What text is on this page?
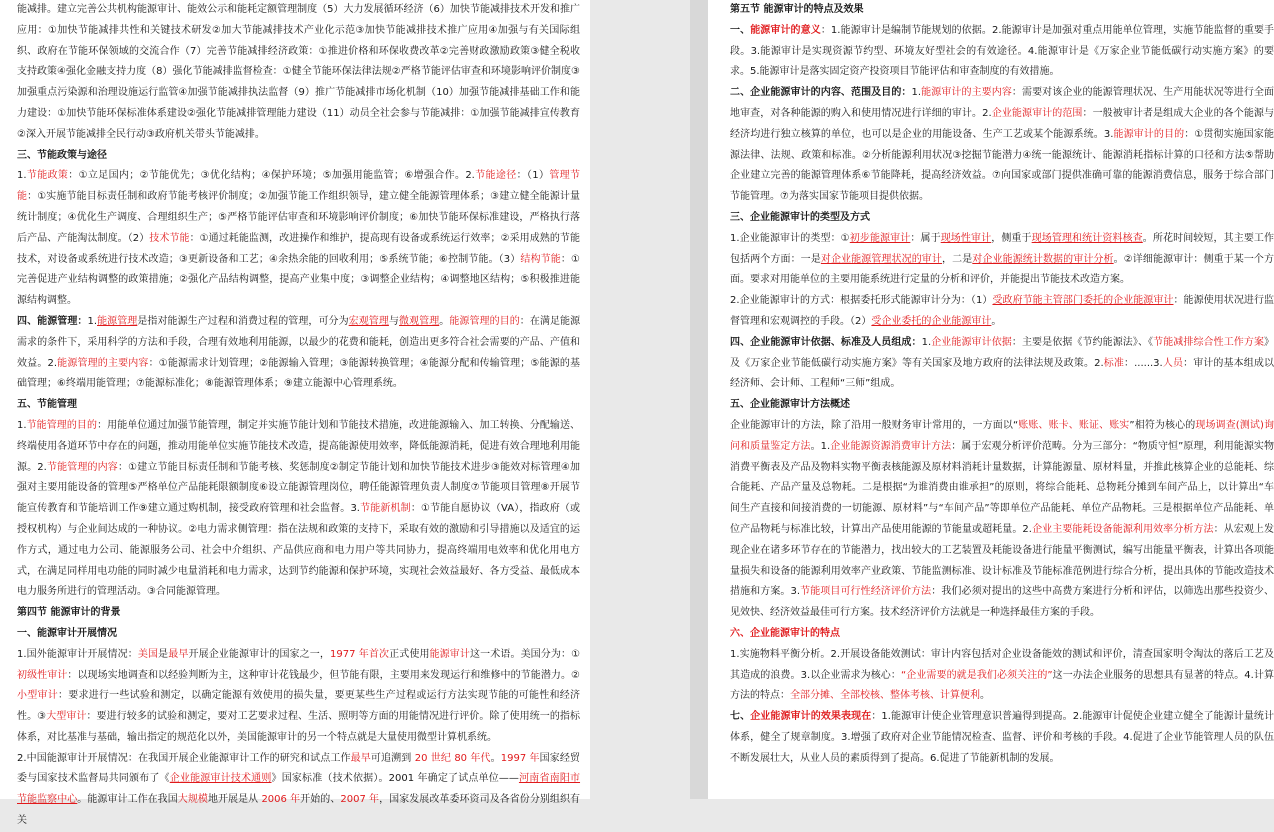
能减排。建立完善公共机构能源审计、能效公示和能耗定额管理制度（5）大力发展循环经济（6）加快节能减排技术开发和推广应用：①加快节能减排共性和关键技术研发②加大节能减排技术产业化示范③加快节能减排技术推广应用④加强与有关国际组织、政府在节能环保领域的交流合作（7）完善节能减排经济政策：①推进价格和环保收费改革②完善财政激励政策③健全税收支持政策④强化金融支持力度（8）强化节能减排监督检查：①健全节能环保法律法规②严格节能评估审查和环境影响评价制度③加强重点污染源和治理设施运行监管④加强节能减排执法监督（9）推广节能减排市场化机制（10）加强节能减排基础工作和能力建设：①加快节能环保标准体系建设②强化节能减排管理能力建设（11）动员全社会参与节能减排：①加强节能减排宣传教育②深入开展节能减排全民行动③政府机关带头节能减排。

三、节能政策与途径

1.节能政策：①立足国内；②节能优先；③优化结构；④保护环境；⑤加强用能监管；⑥增强合作。2.节能途径：（1）管理节能：①实施节能目标责任制和政府节能考核评价制度；②加强节能工作组织领导，建立健全能源管理体系；③建立健全能源计量统计制度；④优化生产调度、合理组织生产；⑤严格节能评估审查和环境影响评价制度；⑥加快节能环保标准建设，严格执行落后产品、产能淘汰制度。（2）技术节能：①通过耗能监测，改进操作和维护，提高现有设备或系统运行效率；②采用成熟的节能技术，对设备或系统进行技术改造；③更新设备和工艺；④余热余能的回收利用；⑤系统节能；⑥控制节能。（3）结构节能：①完善促进产业结构调整的政策措施；②强化产品结构调整，提高产业集中度；③调整企业结构；④调整地区结构；⑤积极推进能源结构调整。

四、能源管理：1.能源管理是指对能源生产过程和消费过程的管理，可分为宏观管理与微观管理。能源管理的目的：在满足能源需求的条件下，采用科学的方法和手段，合理有效地利用能源，以最少的花费和能耗，创造出更多符合社会需要的产品、产值和效益。2.能源管理的主要内容：①能源需求计划管理；②能源输入管理；③能源转换管理；④能源分配和传输管理；⑤能源的基础管理；⑥终端用能管理；⑦能源标准化；⑧能源管理体系；⑨建立能源中心管理系统。

五、节能管理

1.节能管理的目的：用能单位通过加强节能管理，制定并实施节能计划和节能技术措施，改进能源输入、加工转换、分配输送、终端使用各道环节中存在的问题，推动用能单位实施节能技术改造，提高能源使用效率，降低能源消耗，促进有效合理地利用能源。2.节能管理的内容：①建立节能目标责任制和节能考核、奖惩制度②制定节能计划和加快节能技术进步③能效对标管理④加强对主要用能设备的管理⑤严格单位产品能耗限额制度⑥设立能源管理岗位，聘任能源管理负责人制度⑦节能项目管理⑧开展节能宣传教育和节能培训工作⑨建立通过购机制，接受政府管理和社会监督。3.节能新机制：①节能自愿协议（VA），指政府（或授权机构）与企业间达成的一种协议。②电力需求侧管理：指在法规和政策的支持下，采取有效的激励和引导措施以及适宜的运作方式，通过电力公司、能源服务公司、社会中介组织、产品供应商和电力用户等共同协力，提高终端用电效率和优化用电方式，在满足同样用电功能的同时减少电量消耗和电力需求，达到节约能源和保护环境，实现社会效益最好、各方受益、最低成本电力服务所进行的管理活动。③合同能源管理。

第四节 能源审计的背景
一、能源审计开展情况

1.国外能源审计开展情况：美国是最早开展企业能源审计的国家之一，1977 年首次正式使用能源审计这一术语。美国分为：①初级性审计：以现场实地调查和以经验判断为主，这种审计花钱最少，但节能有限，主要用来发现运行和维修中的节能潜力。②小型审计：要求进行一些试验和测定，以确定能源有效使用的损失量，要更某些生产过程或运行方法实现节能的可能性和经济性。③大型审计：要进行较多的试验和测定，要对工艺要求过程、生活、照明等方面的用能情况进行评价。除了使用统一的指标体系，对比基准与基础，输出指定的规范化以外，美国能源审计的另一个特点就是大量使用微型计算机系统。

2.中国能源审计开展情况：在我国开展企业能源审计工作的研究和试点工作最早可追溯到 20 世纪 80 年代。1997 年国家经贸委与国家技术监督局共同颁布了《企业能源审计技术通则》国家标准（技术依据）。2001 年确定了试点单位——河南省南阳市节能监察中心。能源审计工作在我国大规模地开展是从 2006 年开始的、2007 年，国家发展改革委环资司及各省份分别组织有关

第五节 能源审计的特点及效果

一、能源审计的意义：1.能源审计是编制节能规划的依据。2.能源审计是加强对重点用能单位管理，实施节能监督的重要手段。3.能源审计是实现资源节约型、环境友好型社会的有效途径。4.能源审计是《万家企业节能低碳行动实施方案》的要求。5.能源审计是落实固定资产投资项目节能评估和审查制度的有效措施。

二、企业能源审计的内容、范围及目的：1.能源审计的主要内容：需要对该企业的能源管理状况、生产用能状况等进行全面地审查，对各种能源的购入和使用情况进行详细的审计。2.企业能源审计的范围：一般被审计者是组成大企业的各个能源与经济均进行独立核算的单位，也可以是企业的用能设备、生产工艺或某个能源系统。3.能源审计的目的：①贯彻实施国家能源法律、法规、政策和标准。②分析能源利用状况③挖掘节能潜力④统一能源统计、能源消耗指标计算的口径和方法⑤帮助企业建立完善的能源管理体系⑥节能降耗，提高经济效益。⑦向国家或部门提供准确可靠的能源消费信息，服务于综合部门节能管理。⑦为落实国家节能项目提供依据。

三、企业能源审计的类型及方式

1.企业能源审计的类型：①初步能源审计：属于现场性审计，侧重于现场管理和统计资料核查。所花时间较短，其主要工作包括两个方面：一是对企业能源管理状况的审计，二是对企业能源统计数据的审计分析。②详细能源审计：侧重于某一个方面。要求对用能单位的主要用能系统进行定量的分析和评价，并能提出节能技术改造方案。

2.企业能源审计的方式：根据委托形式能源审计分为：（1）受政府节能主管部门委托的企业能源审计：能源使用状况进行监督管理和宏观调控的手段。（2）受企业委托的企业能源审计。

四、企业能源审计依据、标准及人员组成：1.企业能源审计依据：主要是依据《节约能源法》、《节能减排综合性工作方案》及《万家企业节能低碳行动实施方案》等有关国家及地方政府的法律法规及政策。2.标准：......3.人员：审计的基本组成以经济师、会计师、工程师“三师”组成。

五、企业能源审计方法概述

企业能源审计的方法，除了沿用一般财务审计常用的，一方面以“账账、账卡、账证、账实”相符为核心的现场调查(测试)询问和质量鉴定方法。1.企业能源资源消费审计方法：属于宏观分析评价范畴。分为三部分：“物质守恒”原理，利用能源实物消费平衡表及产品及物料实物平衡表核能源及原材料消耗计量数据，计算能源量、原材料量，并推此核算企业的总能耗、综合能耗、产品产量及总物耗。二是根据“为谁消费由谁承担”的原则，将综合能耗、总物耗分摊到车间产品上，以计算出“车间生产直接和间接消费的一切能源、原材料”与“车间产品”等即单位产品能耗、单位产品物耗。三是根据单位产品能耗、单位产品物耗与标准比较，计算出产品使用能源的节能量或超耗量。2.企业主要能耗设备能源利用效率分析方法：从宏观上发现企业在诸多环节存在的节能潜力，找出较大的工艺装置及耗能设备进行能量平衡测试，编写出能量平衡表，计算出各项能量损失和设备的能源利用效率产业政策、节能监测标准、设计标准及节能标准范例进行综合分析，提出具体的节能改造技术措施和方案。3.节能项目可行性经济评价方法：我们必须对提出的这些中高费方案进行分析和评估，以筛选出那些投资少、见效快、经济效益最佳可行方案。技术经济评价方法就是一种选择最佳方案的手段。

六、企业能源审计的特点

1.实施物料平衡分析。2.开展设备能效测试：审计内容包括对企业设备能效的测试和评价，清查国家明令淘汰的落后工艺及其造成的浪费。3.以企业需求为核心：“企业需要的就是我们必须关注的”这一办法企业服务的思想具有显著的特点。4.计算方法的特点：全部分摊、全部校核、整体考核、计算便利。

七、企业能源审计的效果表现在：1.能源审计使企业管理意识普遍得到提高。2.能源审计促使企业建立健全了能源计量统计体系，健全了规章制度。3.增强了政府对企业节能情况检查、监督、评价和考核的手段。4.促进了企业节能管理人员的队伍不断发展壮大，从业人员的素质得到了提高。6.促进了节能新机制的发展。
